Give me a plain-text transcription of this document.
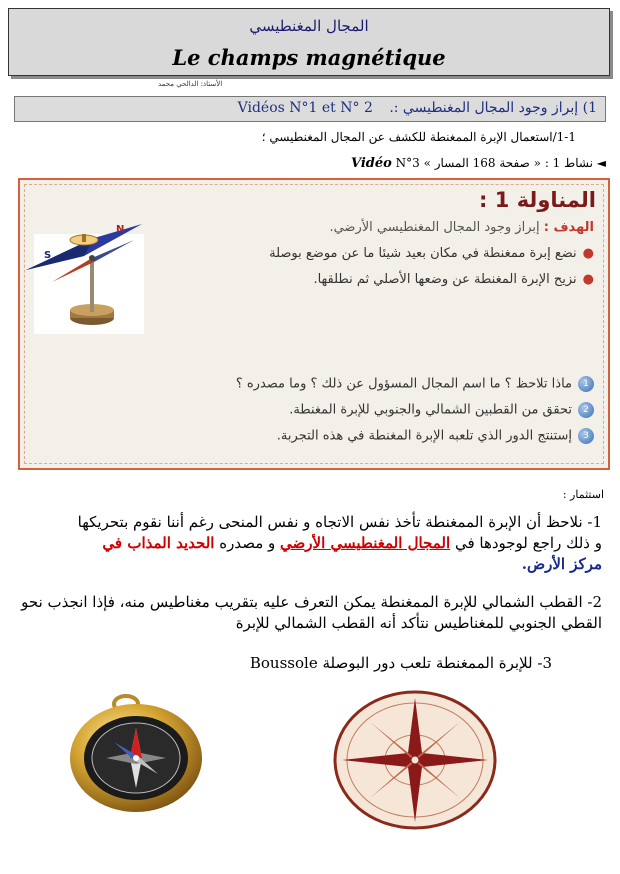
المجال المغنطيسي
Le champs magnétique
الأستاذ: الدالحي محمد
1) إبراز وجود المجال المغنطيسي :. Vidéos N°1 et N° 2
1-1/استعمال الإبرة الممغنطة للكشف عن المجال المغنطيسي ؛
◄ نشاط 1 : « صفحة 168 المسار » Vidéo N°3
المناولة 1 :
الهدف : إبراز وجود المجال المغنطيسي الأرضي.
●نضع إبرة ممغنطة في مكان بعيد شيئا ما عن موضع بوصلة
●نزيح الإبرة المغنطة عن وضعها الأصلي ثم نطلقها.
1ماذا تلاحظ ؟ ما اسم المجال المسؤول عن ذلك ؟ وما مصدره ؟
2تحقق من القطبين الشمالي والجنوبي للإبرة المغنطة.
3إستنتج الدور الذي تلعبه الإبرة المغنطة في هذه التجربة.
S
N
استثمار :
1- نلاحظ أن الإبرة الممغنطة تأخذ نفس الاتجاه و نفس المنحى رغم أننا نقوم بتحريكها
و ذلك راجع لوجودها في المجال المغنطيسي الأرضي و مصدره الحديد المذاب في
مركز الأرض.
2- القطب الشمالي للإبرة الممغنطة يمكن التعرف عليه بتقريب مغناطيس منه، فإذا انجذب نحو
القطي الجنوبي للمغناطيس نتأكد أنه القطب الشمالي للإبرة
3- للإبرة الممغنطة تلعب دور البوصلة Boussole
